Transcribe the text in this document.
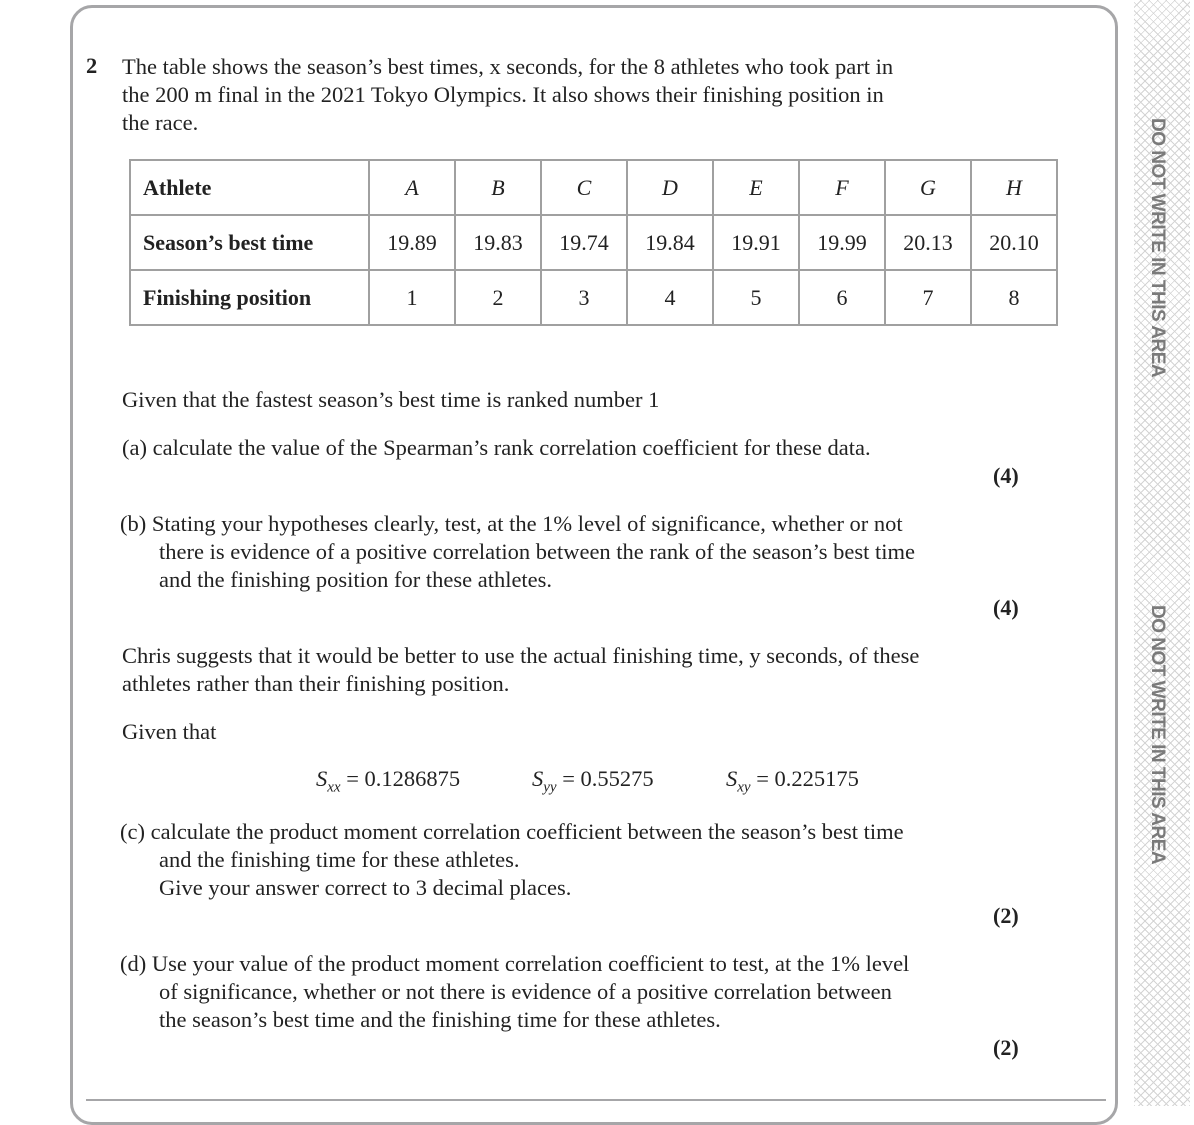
DO NOT WRITE IN THIS AREA
DO NOT WRITE IN THIS AREA
2 The table shows the season’s best times, x seconds, for the 8 athletes who took part in
the 200 m final in the 2021 Tokyo Olympics. It also shows their finishing position in
the race.
Athlete	A	B	C	D	E	F	G	H
Season’s best time	19.89	19.83	19.74	19.84	19.91	19.99	20.13	20.10
Finishing position	1	2	3	4	5	6	7	8
Given that the fastest season’s best time is ranked number 1
(a) calculate the value of the Spearman’s rank correlation coefficient for these data.
(4)
(b) Stating your hypotheses clearly, test, at the 1% level of significance, whether or not
there is evidence of a positive correlation between the rank of the season’s best time
and the finishing position for these athletes.
(4)
Chris suggests that it would be better to use the actual finishing time, y seconds, of these
athletes rather than their finishing position.
Given that
$S_{xx} = 0.1286875$	$S_{yy} = 0.55275$	$S_{xy} = 0.225175$
(c) calculate the product moment correlation coefficient between the season’s best time
and the finishing time for these athletes.
Give your answer correct to 3 decimal places.
(2)
(d) Use your value of the product moment correlation coefficient to test, at the 1% level
of significance, whether or not there is evidence of a positive correlation between
the season’s best time and the finishing time for these athletes.
(2)
